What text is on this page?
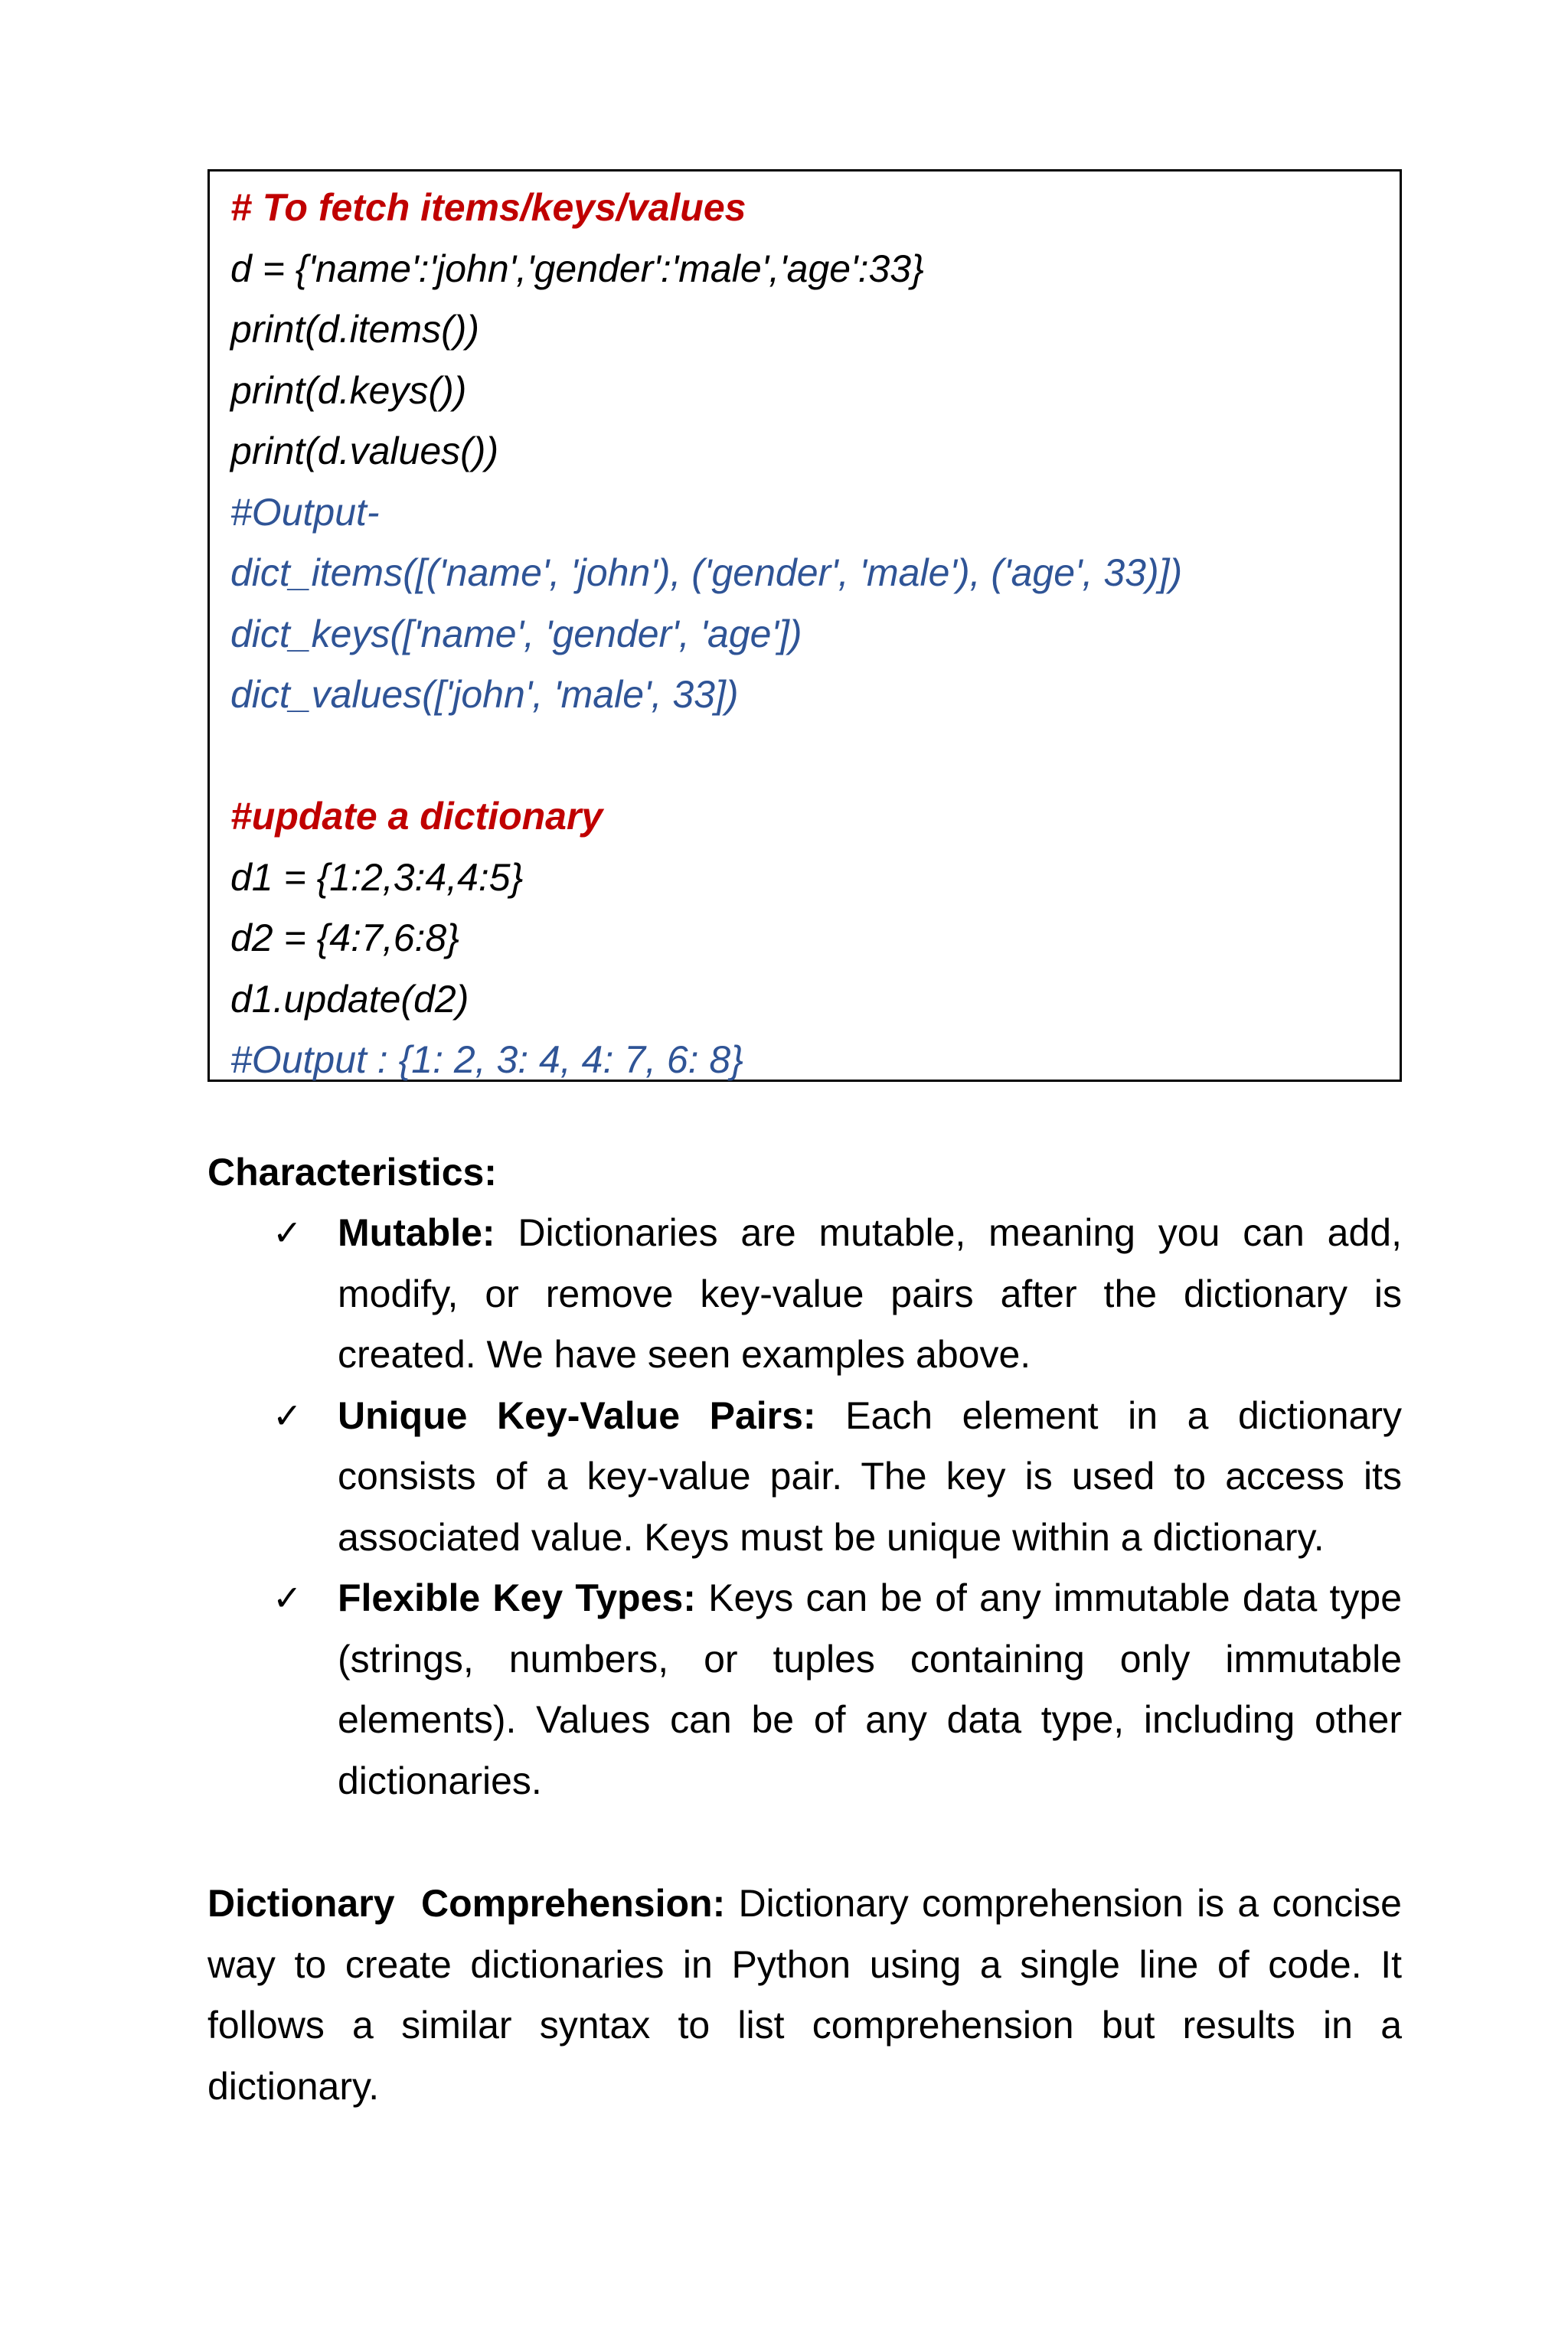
# To fetch items/keys/values
d = {'name':'john','gender':'male','age':33}
print(d.items())
print(d.keys())
print(d.values())
#Output-
dict_items([('name', 'john'), ('gender', 'male'), ('age', 33)])
dict_keys(['name', 'gender', 'age'])
dict_values(['john', 'male', 33])
#update a dictionary
d1 = {1:2,3:4,4:5}
d2 = {4:7,6:8}
d1.update(d2)
#Output : {1: 2, 3: 4, 4: 7, 6: 8}
Characteristics:
✓ Mutable: Dictionaries are mutable, meaning you can add, modify, or remove key-value pairs after the dictionary is created. We have seen examples above.
✓ Unique Key-Value Pairs: Each element in a dictionary consists of a key-value pair. The key is used to access its associated value. Keys must be unique within a dictionary.
✓ Flexible Key Types: Keys can be of any immutable data type (strings, numbers, or tuples containing only immutable elements). Values can be of any data type, including other dictionaries.

Dictionary  Comprehension: Dictionary comprehension is a concise way to create dictionaries in Python using a single line of code. It follows a similar syntax to list comprehension but results in a dictionary.
